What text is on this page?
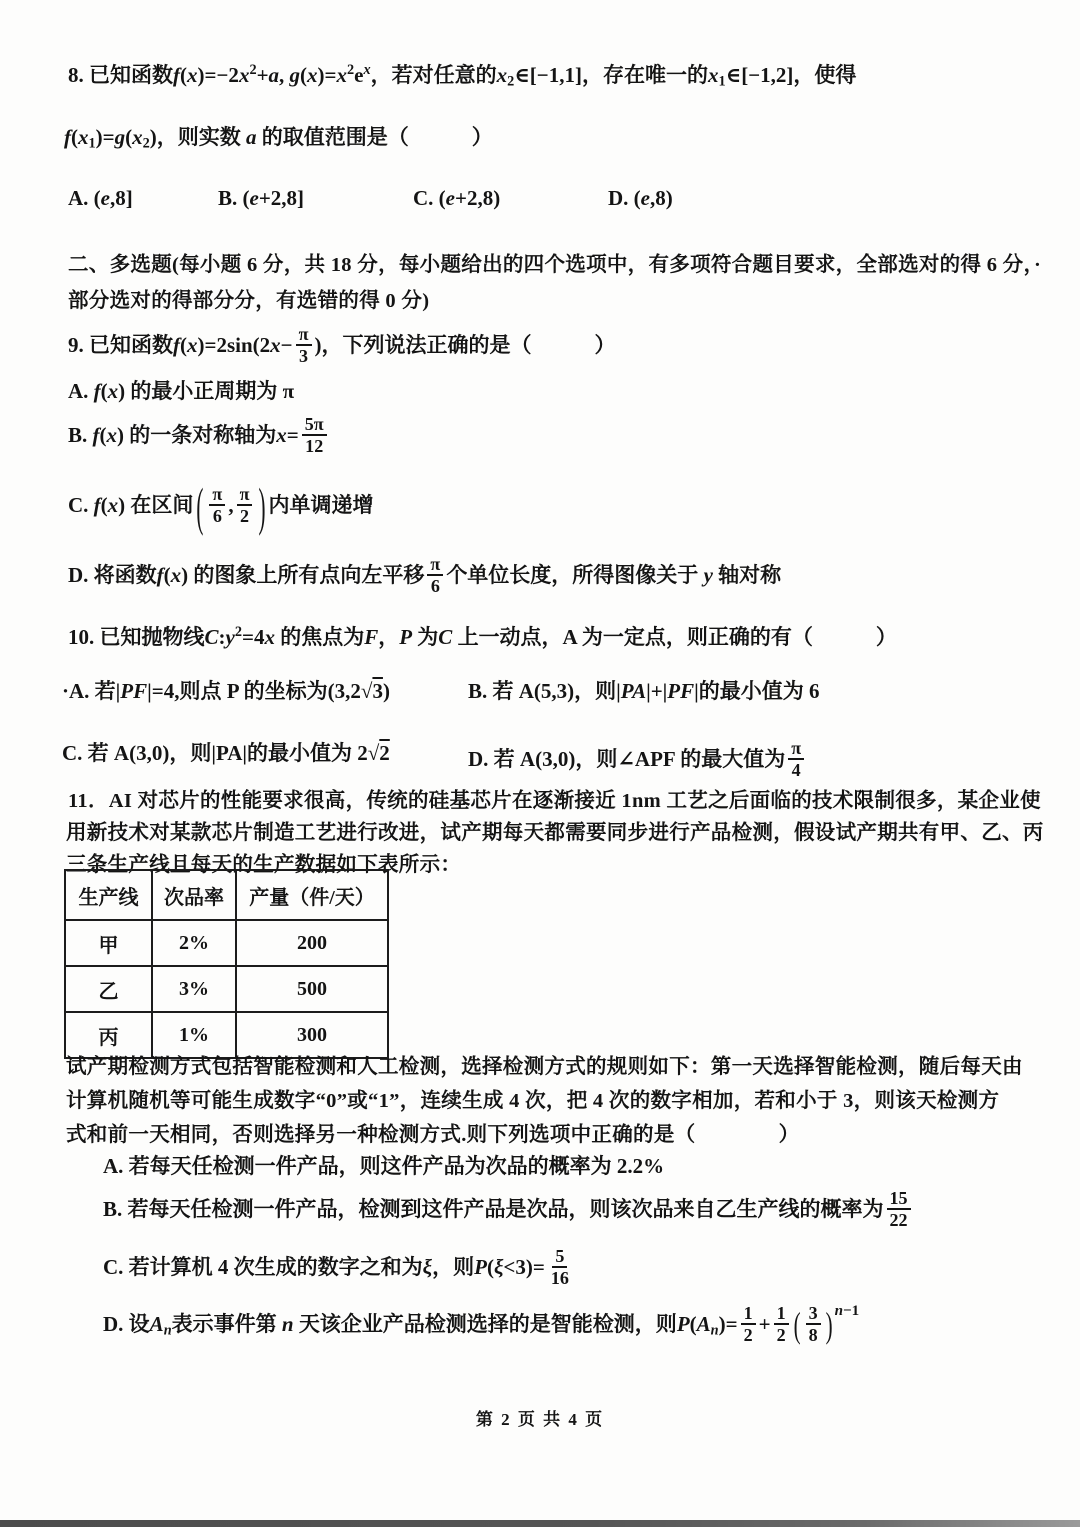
8. 已知函数$f(x)=-2x^2+a$, $g(x)=x^2e^x$，若对任意的$x_2\in[-1,1]$，存在唯一的$x_1\in[-1,2]$，使得
$f(x_1)=g(x_2)$，则实数 a 的取值范围是（　　　）
A. (e,8]	B. (e+2,8]	C. (e+2,8)	D. (e,8)
二、多选题(每小题 6 分，共 18 分，每小题给出的四个选项中，有多项符合题目要求，全部选对的得 6 分，·
部分选对的得部分分，有选错的得 0 分)
9. 已知函数$f(x)=2\sin(2x- \frac{\pi}{3}$ )，下列说法正确的是（　　　）
A. f(x) 的最小正周期为 π
B. f(x) 的一条对称轴为$x= \frac{5\pi}{12}$
C. f(x) 在区间 ( $\frac{\pi}{6}$ , $\frac{\pi}{2}$ ) 内单调递增
D. 将函数f(x) 的图象上所有点向左平移 $\frac{\pi}{6}$ 个单位长度，所得图像关于 y 轴对称
10. 已知抛物线$C:y^2=4x$ 的焦点为F，P 为C 上一动点，A 为一定点，则正确的有（　　　）
·A. 若|PF|=4,则点 P 的坐标为(3,2√3)	B. 若 A(5,3)，则|PA|+|PF|的最小值为 6
C. 若 A(3,0)，则|PA|的最小值为 2√2	D. 若 A(3,0)，则∠APF 的最大值为 $\frac{\pi}{4}$
11．AI 对芯片的性能要求很高，传统的硅基芯片在逐渐接近 1nm 工艺之后面临的技术限制很多，某企业使
用新技术对某款芯片制造工艺进行改进，试产期每天都需要同步进行产品检测，假设试产期共有甲、乙、丙
三条生产线且每天的生产数据如下表所示：
生产线	次品率	产量（件/天）
甲	2%	200
乙	3%	500
丙	1%	300
试产期检测方式包括智能检测和人工检测，选择检测方式的规则如下：第一天选择智能检测，随后每天由
计算机随机等可能生成数字“0”或“1”，连续生成 4 次，把 4 次的数字相加，若和小于 3，则该天检测方
式和前一天相同，否则选择另一种检测方式.则下列选项中正确的是（　　　　）
A. 若每天任检测一件产品，则这件产品为次品的概率为 2.2%
B. 若每天任检测一件产品，检测到这件产品是次品，则该次品来自乙生产线的概率为 $\frac{15}{22}$
C. 若计算机 4 次生成的数字之和为ξ，则$P(\xi<3)= \frac{5}{16}$
D. 设$A_n$表示事件第 n 天该企业产品检测选择的是智能检测，则$P(A_n)= \frac{1}{2} + \frac{1}{2}$ ( $\frac{3}{8}$ ) $^{n-1}$
第 2 页 共 4 页
